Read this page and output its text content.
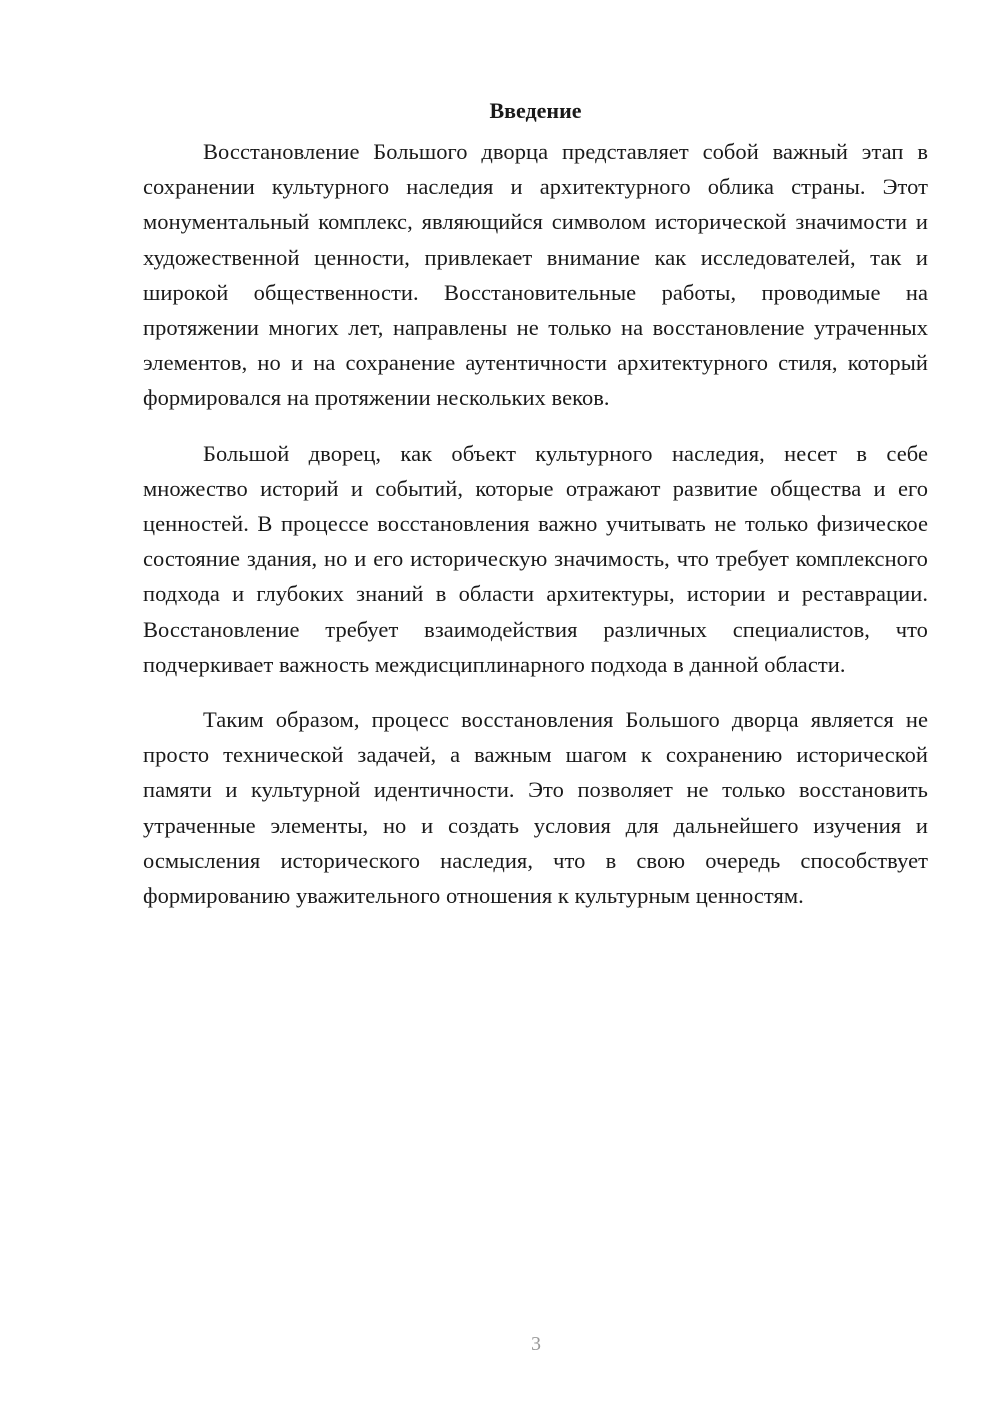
Введение

Восстановление Большого дворца представляет собой важный этап в сохранении культурного наследия и архитектурного облика страны. Этот монументальный комплекс, являющийся символом исторической значимости и художественной ценности, привлекает внимание как исследователей, так и широкой общественности. Восстановительные работы, проводимые на протяжении многих лет, направлены не только на восстановление утраченных элементов, но и на сохранение аутентичности архитектурного стиля, который формировался на протяжении нескольких веков.

Большой дворец, как объект культурного наследия, несет в себе множество историй и событий, которые отражают развитие общества и его ценностей. В процессе восстановления важно учитывать не только физическое состояние здания, но и его историческую значимость, что требует комплексного подхода и глубоких знаний в области архитектуры, истории и реставрации. Восстановление требует взаимодействия различных специалистов, что подчеркивает важность междисциплинарного подхода в данной области.

Таким образом, процесс восстановления Большого дворца является не просто технической задачей, а важным шагом к сохранению исторической памяти и культурной идентичности. Это позволяет не только восстановить утраченные элементы, но и создать условия для дальнейшего изучения и осмысления исторического наследия, что в свою очередь способствует формированию уважительного отношения к культурным ценностям.

3
